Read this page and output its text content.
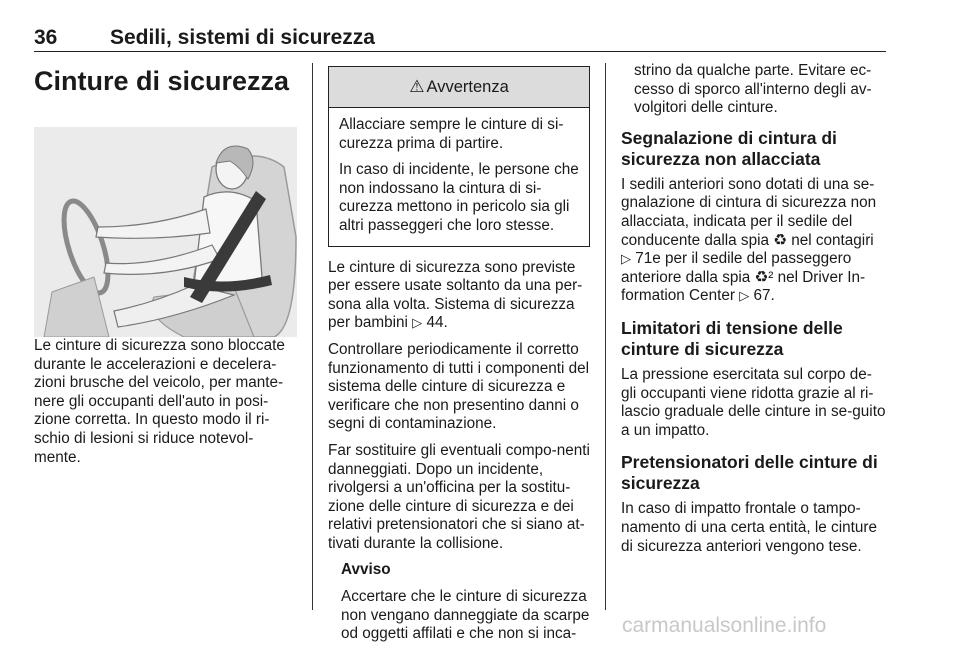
36	Sedili, sistemi di sicurezza
Cinture di sicurezza

Le cinture di sicurezza sono bloccate durante le accelerazioni e decelera-zioni brusche del veicolo, per mante-nere gli occupanti dell'auto in posi-zione corretta. In questo modo il ri-schio di lesioni si riduce notevol-mente.

⚠ Avvertenza

Allacciare sempre le cinture di si-curezza prima di partire.

In caso di incidente, le persone che non indossano la cintura di si-curezza mettono in pericolo sia gli altri passeggeri che loro stesse.

Le cinture di sicurezza sono previste per essere usate soltanto da una per-sona alla volta. Sistema di sicurezza per bambini ▷ 44.

Controllare periodicamente il corretto funzionamento di tutti i componenti del sistema delle cinture di sicurezza e verificare che non presentino danni o segni di contaminazione.

Far sostituire gli eventuali compo-nenti danneggiati. Dopo un incidente, rivolgersi a un'officina per la sostitu-zione delle cinture di sicurezza e dei relativi pretensionatori che si siano at-tivati durante la collisione.

Avviso

Accertare che le cinture di sicurezza non vengano danneggiate da scarpe od oggetti affilati e che non si inca-

strino da qualche parte. Evitare ec-cesso di sporco all'interno degli av-volgitori delle cinture.

Segnalazione di cintura di sicurezza non allacciata

I sedili anteriori sono dotati di una se-gnalazione di cintura di sicurezza non allacciata, indicata per il sedile del conducente dalla spia ♻ nel contagiri ▷ 71e per il sedile del passeggero anteriore dalla spia ♻² nel Driver In-formation Center ▷ 67.

Limitatori di tensione delle cinture di sicurezza

La pressione esercitata sul corpo de-gli occupanti viene ridotta grazie al ri-lascio graduale delle cinture in se-guito a un impatto.

Pretensionatori delle cinture di sicurezza

In caso di impatto frontale o tampo-namento di una certa entità, le cinture di sicurezza anteriori vengono tese.

carmanualsonline.info
